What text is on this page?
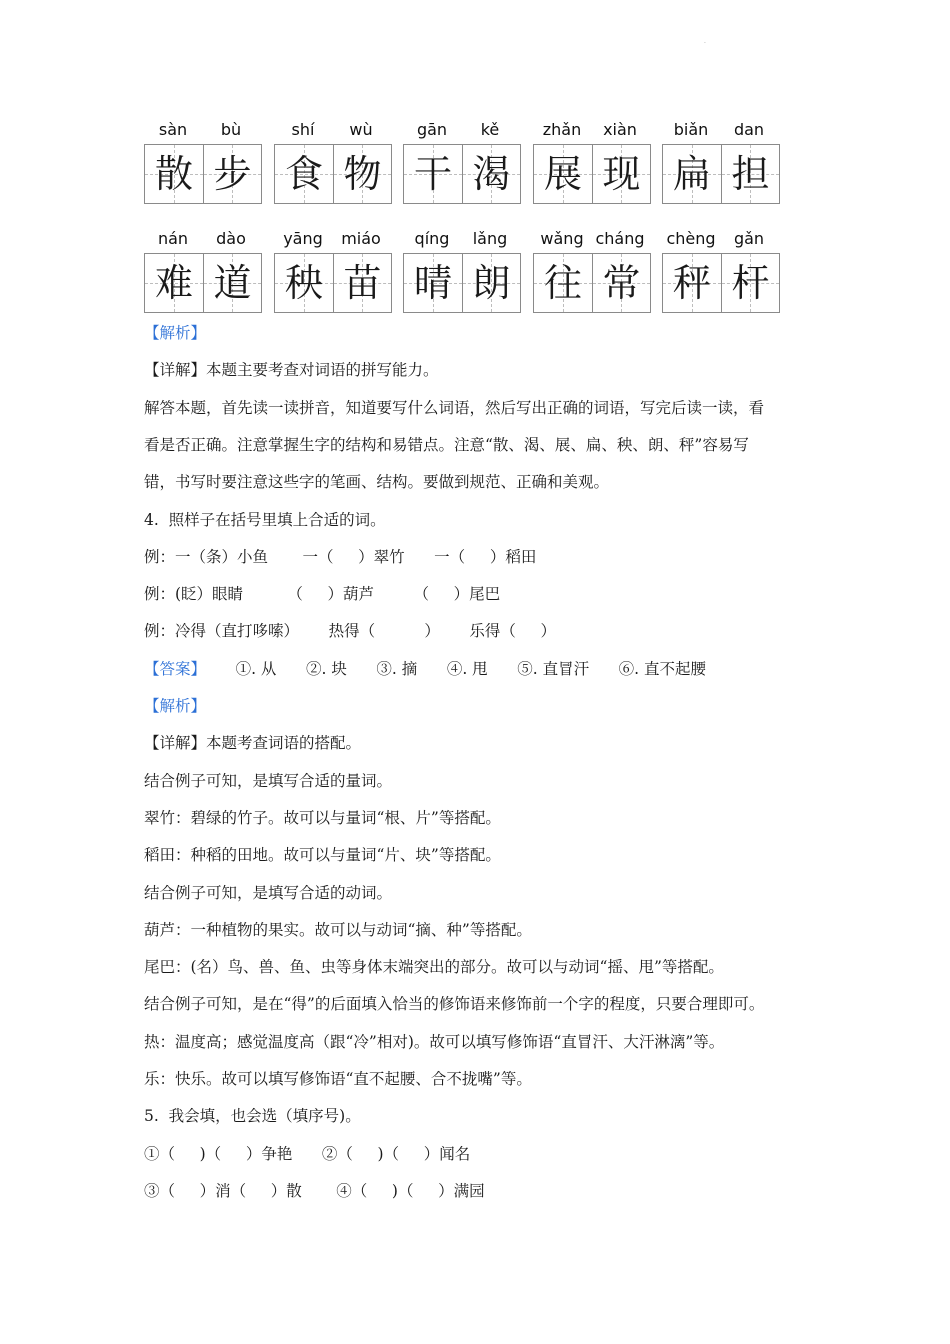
sàn	bù
散 步
shí	wù
食 物
gān	kě
干 渴
zhǎn	xiàn
展 现
biǎn	dan
扁 担
nán	dào
难 道
yāng	miáo
秧 苗
qíng	lǎng
晴 朗
wǎng cháng
往 常
chèng	gǎn
秤 杆
【解析】
【详解】本题主要考查对词语的拼写能力。
解答本题，首先读一读拼音，知道要写什么词语，然后写出正确的词语，写完后读一读，看
看是否正确。注意掌握生字的结构和易错点。注意“散、渴、展、扁、秧、朗、秤”容易写
错，书写时要注意这些字的笔画、结构。要做到规范、正确和美观。
4.  照样子在括号里填上合适的词。
例：一（条）小鱼       一（     ）翠竹      一（     ）稻田
例：(眨）眼睛         （     ）葫芦        （     ）尾巴
例：冷得（直打哆嗦）      热得（          ）      乐得（     ）
【答案】      ①. 从      ②. 块      ③. 摘      ④. 甩      ⑤. 直冒汗      ⑥. 直不起腰
【解析】
【详解】本题考查词语的搭配。
结合例子可知，是填写合适的量词。
翠竹：碧绿的竹子。故可以与量词“根、片”等搭配。
稻田：种稻的田地。故可以与量词“片、块”等搭配。
结合例子可知，是填写合适的动词。
葫芦：一种植物的果实。故可以与动词“摘、种”等搭配。
尾巴：(名）鸟、兽、鱼、虫等身体末端突出的部分。故可以与动词“摇、甩”等搭配。
结合例子可知，是在“得”的后面填入恰当的修饰语来修饰前一个字的程度，只要合理即可。
热：温度高；感觉温度高（跟“冷”相对)。故可以填写修饰语“直冒汗、大汗淋漓”等。
乐：快乐。故可以填写修饰语“直不起腰、合不拢嘴”等。
5.  我会填，也会选（填序号)。
①（     )（     ）争艳      ②（     )（     ）闻名
③（     ）消（     ）散       ④（     )（     ）满园
·
